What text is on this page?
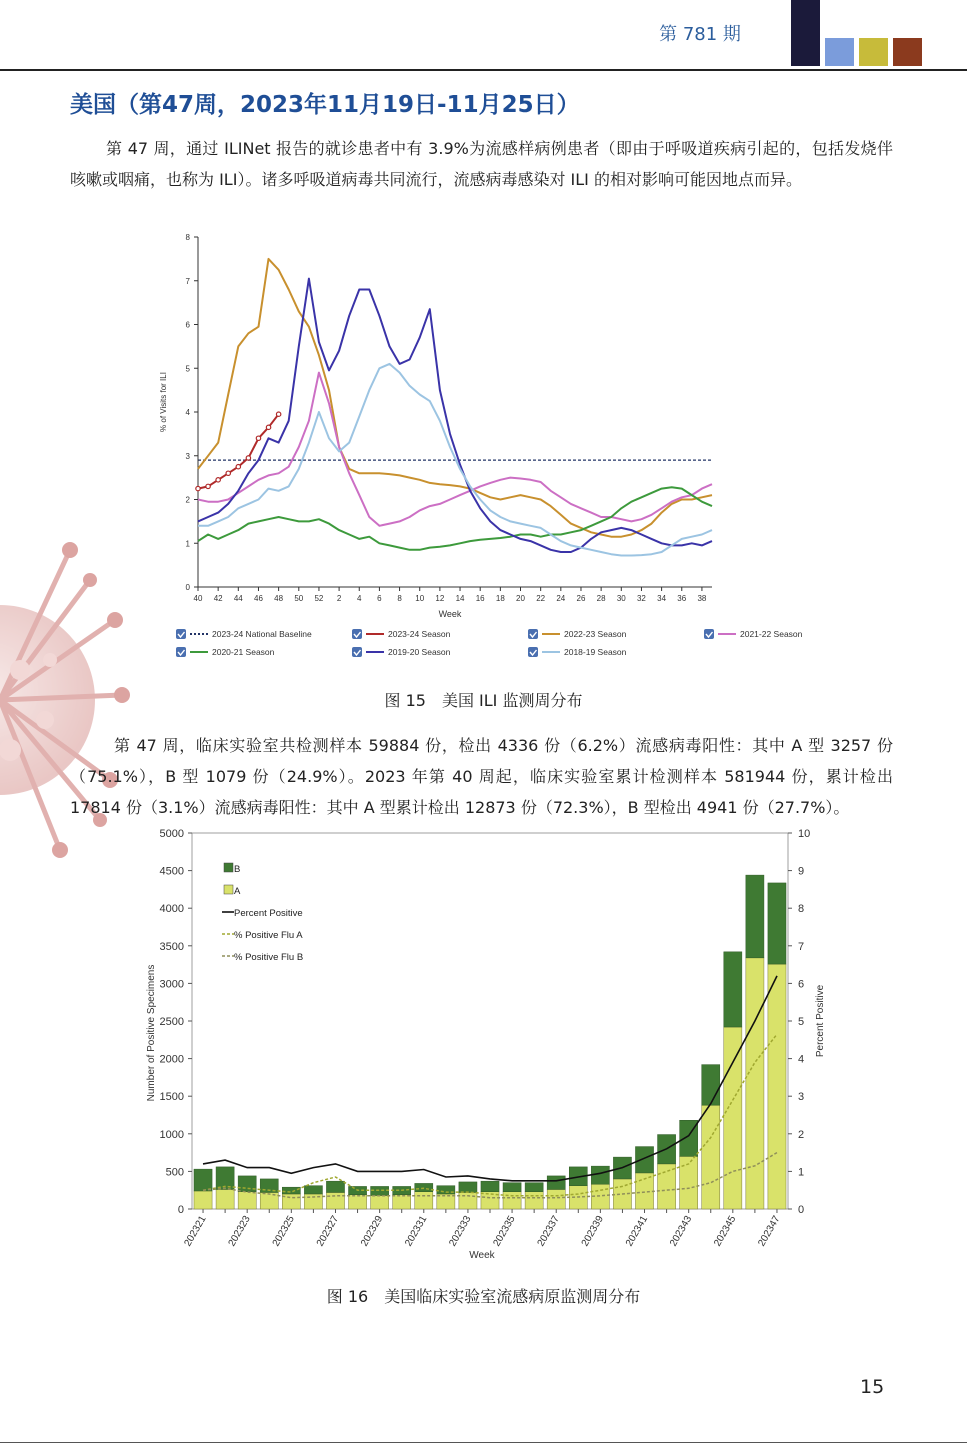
第 781 期
美国（第47周，2023年11月19日-11月25日）
第 47 周，通过 ILINet 报告的就诊患者中有 3.9%为流感样病例患者（即由于呼吸道疾病引起的，包括发烧伴咳嗽或咽痛，也称为 ILI）。诸多呼吸道病毒共同流行，流感病毒感染对 ILI 的相对影响可能因地点而异。
0
1
2
3
4
5
6
7
8
40 42 44 46 48 50 52 2 4 6 8 10 12 14 16 18 20 22 24 26 28 30 32 34 36 38
Week
% of Visits for ILI
2023-24 National Baseline	2023-24 Season	2022-23 Season	2021-22 Season
2020-21 Season	2019-20 Season	2018-19 Season
图 15　美国 ILI 监测周分布
第 47 周，临床实验室共检测样本 59884 份，检出 4336 份（6.2%）流感病毒阳性：其中 A 型 3257 份（75.1%），B 型 1079 份（24.9%）。2023 年第 40 周起，临床实验室累计检测样本 581944 份，累计检出 17814 份（3.1%）流感病毒阳性：其中 A 型累计检出 12873 份（72.3%），B 型检出 4941 份（27.7%）。
0
500
1000
1500
2000
2500
3000
3500
4000
4500
5000
0
1
2
3
4
5
6
7
8
9
10
202321 202323 202325 202327 202329 202331 202333 202335 202337 202339 202341 202343 202345 202347
Week
Number of Positive Specimens	Percent Positive
B
A
Percent Positive
% Positive Flu A
% Positive Flu B
图 16　美国临床实验室流感病原监测周分布
15
